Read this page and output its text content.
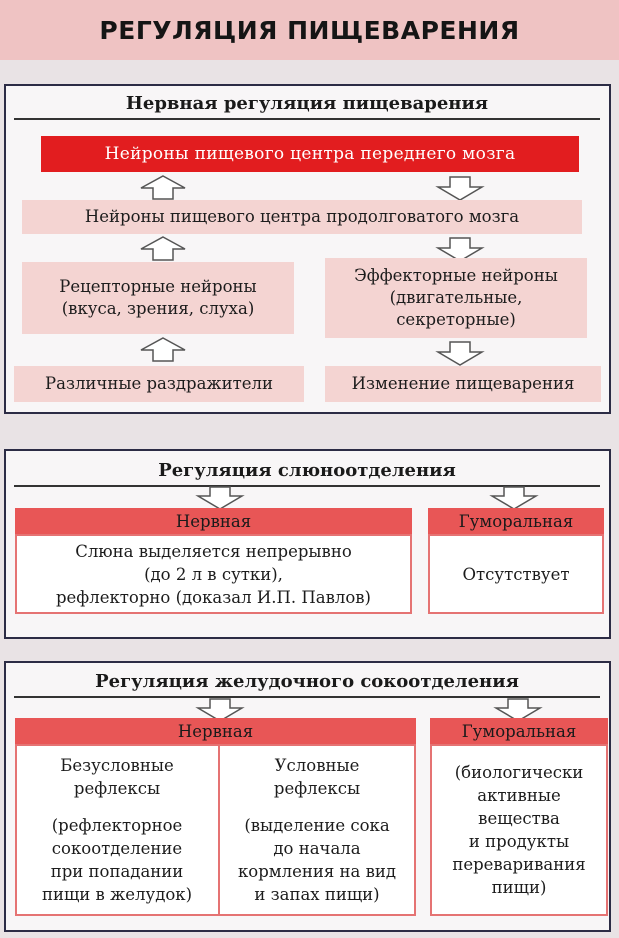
РЕГУЛЯЦИЯ ПИЩЕВАРЕНИЯ
Нервная регуляция пищеварения
Нейроны пищевого центра переднего мозга
Нейроны пищевого центра продолговатого мозга
Рецепторные нейроны
(вкуса, зрения, слуха)
Эффекторные нейроны
(двигательные,
секреторные)
Различные раздражители	Изменение пищеварения
Регуляция слюноотделения
Нервная	Гуморальная
Слюна выделяется непрерывно
(до 2 л в сутки),
рефлекторно (доказал И.П. Павлов)
Отсутствует
Регуляция желудочного сокоотделения
Нервная	Гуморальная
Безусловные
рефлексы
(рефлекторное
сокоотделение
при попадании
пищи в желудок)
Условные
рефлексы
(выделение сока
до начала
кормления на вид
и запах пищи)
(биологически
активные
вещества
и продукты
переваривания
пищи)
